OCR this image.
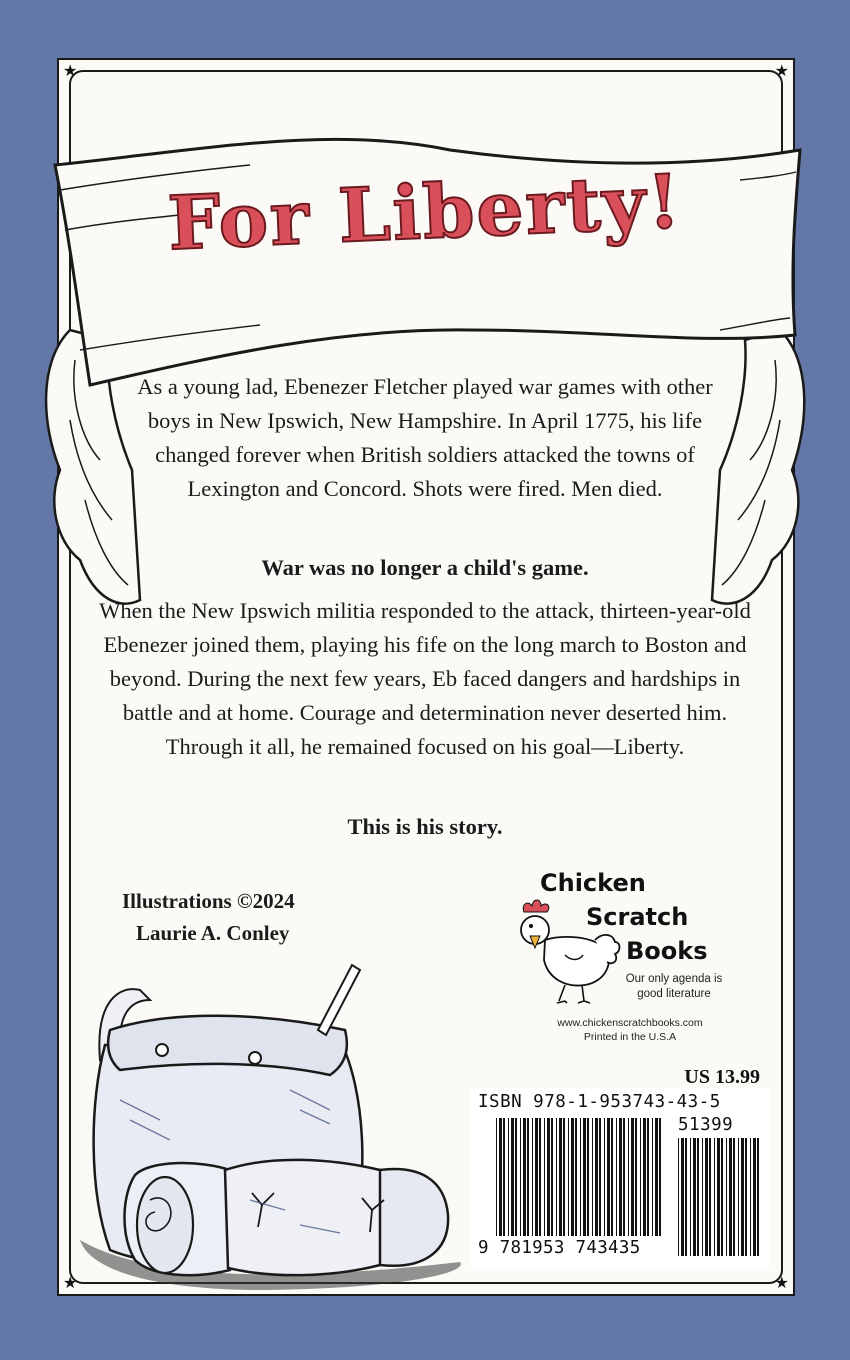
★	★
★	★
For Liberty!
As a young lad, Ebenezer Fletcher played war games with other boys in New Ipswich, New Hampshire. In April 1775, his life changed forever when British soldiers attacked the towns of Lexington and Concord. Shots were fired. Men died.
War was no longer a child's game.
When the New Ipswich militia responded to the attack, thirteen-year-old Ebenezer joined them, playing his fife on the long march to Boston and beyond. During the next few years, Eb faced dangers and hardships in battle and at home. Courage and determination never deserted him. Through it all, he remained focused on his goal—Liberty.
This is his story.
Illustrations ©2024
Laurie A. Conley
Chicken
Scratch
Books
Our only agenda is good literature
www.chickenscratchbooks.com
Printed in the U.S.A
US 13.99
ISBN 978-1-953743-43-5
51399
9 781953 743435
